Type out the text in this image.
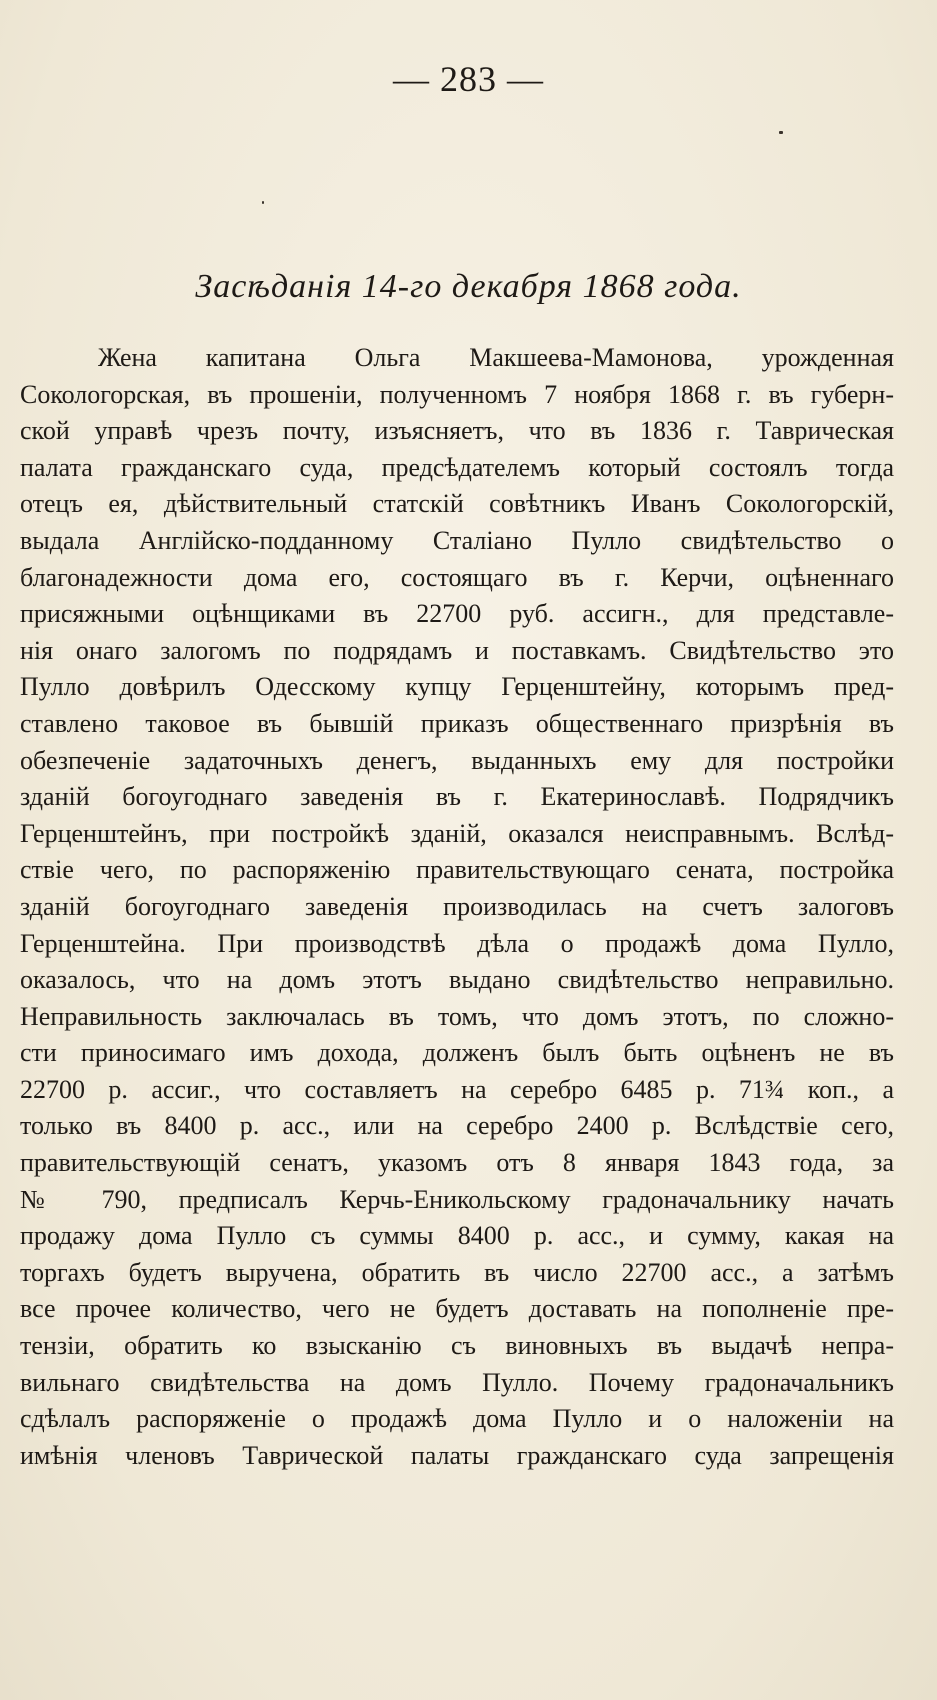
— 283 —
Засѣданія 14-го декабря 1868 года.
Жена капитана Ольга Макшеева-Мамонова, урожденная
Сокологорская, въ прошеніи, полученномъ 7 ноября 1868 г. въ губерн-
ской управѣ чрезъ почту, изъясняетъ, что въ 1836 г. Таврическая
палата гражданскаго суда, предсѣдателемъ который состоялъ тогда
отецъ ея, дѣйствительный статскій совѣтникъ Иванъ Сокологорскій,
выдала Англійско-подданному Сталіано Пулло свидѣтельство о
благонадежности дома его, состоящаго въ г. Керчи, оцѣненнаго
присяжными оцѣнщиками въ 22700 руб. ассигн., для представле-
нія онаго залогомъ по подрядамъ и поставкамъ. Свидѣтельство это
Пулло довѣрилъ Одесскому купцу Герценштейну, которымъ пред-
ставлено таковое въ бывшій приказъ общественнаго призрѣнія въ
обезпеченіе задаточныхъ денегъ, выданныхъ ему для постройки
зданій богоугоднаго заведенія въ г. Екатеринославѣ. Подрядчикъ
Герценштейнъ, при постройкѣ зданій, оказался неисправнымъ. Вслѣд-
ствіе чего, по распоряженію правительствующаго сената, постройка
зданій богоугоднаго заведенія производилась на счетъ залоговъ
Герценштейна. При производствѣ дѣла о продажѣ дома Пулло,
оказалось, что на домъ этотъ выдано свидѣтельство неправильно.
Неправильность заключалась въ томъ, что домъ этотъ, по сложно-
сти приносимаго имъ дохода, долженъ былъ быть оцѣненъ не въ
22700 р. ассиг., что составляетъ на серебро 6485 р. 71¾ коп., а
только въ 8400 р. асс., или на серебро 2400 р. Вслѣдствіе сего,
правительствующій сенатъ, указомъ отъ 8 января 1843 года, за
№ 790, предписалъ Керчь-Еникольскому градоначальнику начать
продажу дома Пулло съ суммы 8400 р. асс., и сумму, какая на
торгахъ будетъ выручена, обратить въ число 22700 асс., а затѣмъ
все прочее количество, чего не будетъ доставать на пополненіе пре-
тензіи, обратить ко взысканію съ виновныхъ въ выдачѣ непра-
вильнаго свидѣтельства на домъ Пулло. Почему градоначальникъ
сдѣлалъ распоряженіе о продажѣ дома Пулло и о наложеніи на
имѣнія членовъ Таврической палаты гражданскаго суда запрещенія
